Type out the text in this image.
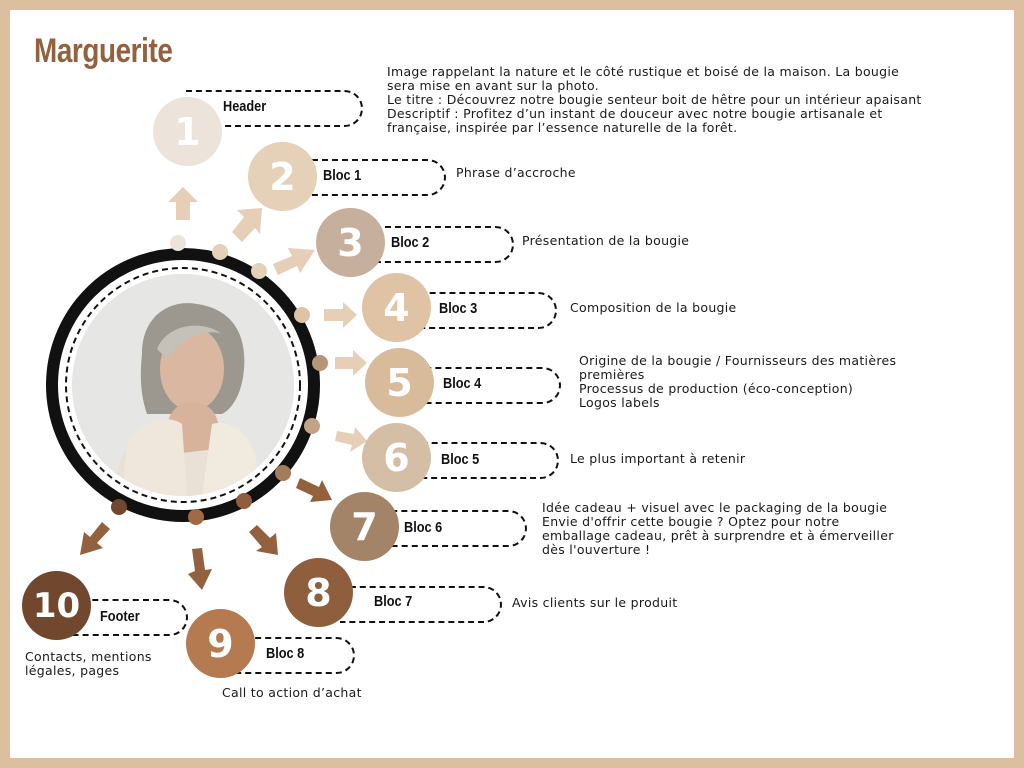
Marguerite
Image rappelant la nature et le côté rustique et boisé de la maison. La bougie
sera mise en avant sur la photo.
Le titre : Découvrez notre bougie senteur boit de hêtre pour un intérieur apaisant
Descriptif : Profitez d’un instant de douceur avec notre bougie artisanale et
française, inspirée par l’essence naturelle de la forêt.
1
Header
2 Bloc 1	Phrase d’accroche
3 Bloc 2	Présentation de la bougie
4 Bloc 3	Composition de la bougie
5 Bloc 4
Origine de la bougie / Fournisseurs des matières
premières
Processus de production (éco-conception)
Logos labels
6 Bloc 5	Le plus important à retenir
7 Bloc 6
Idée cadeau + visuel avec le packaging de la bougie
Envie d'offrir cette bougie ? Optez pour notre
emballage cadeau, prêt à surprendre et à émerveiller
dès l'ouverture !
8	Bloc 7	Avis clients sur le produit
9 Bloc 8
Call to action d’achat
10 Footer
Contacts, mentions
légales, pages
